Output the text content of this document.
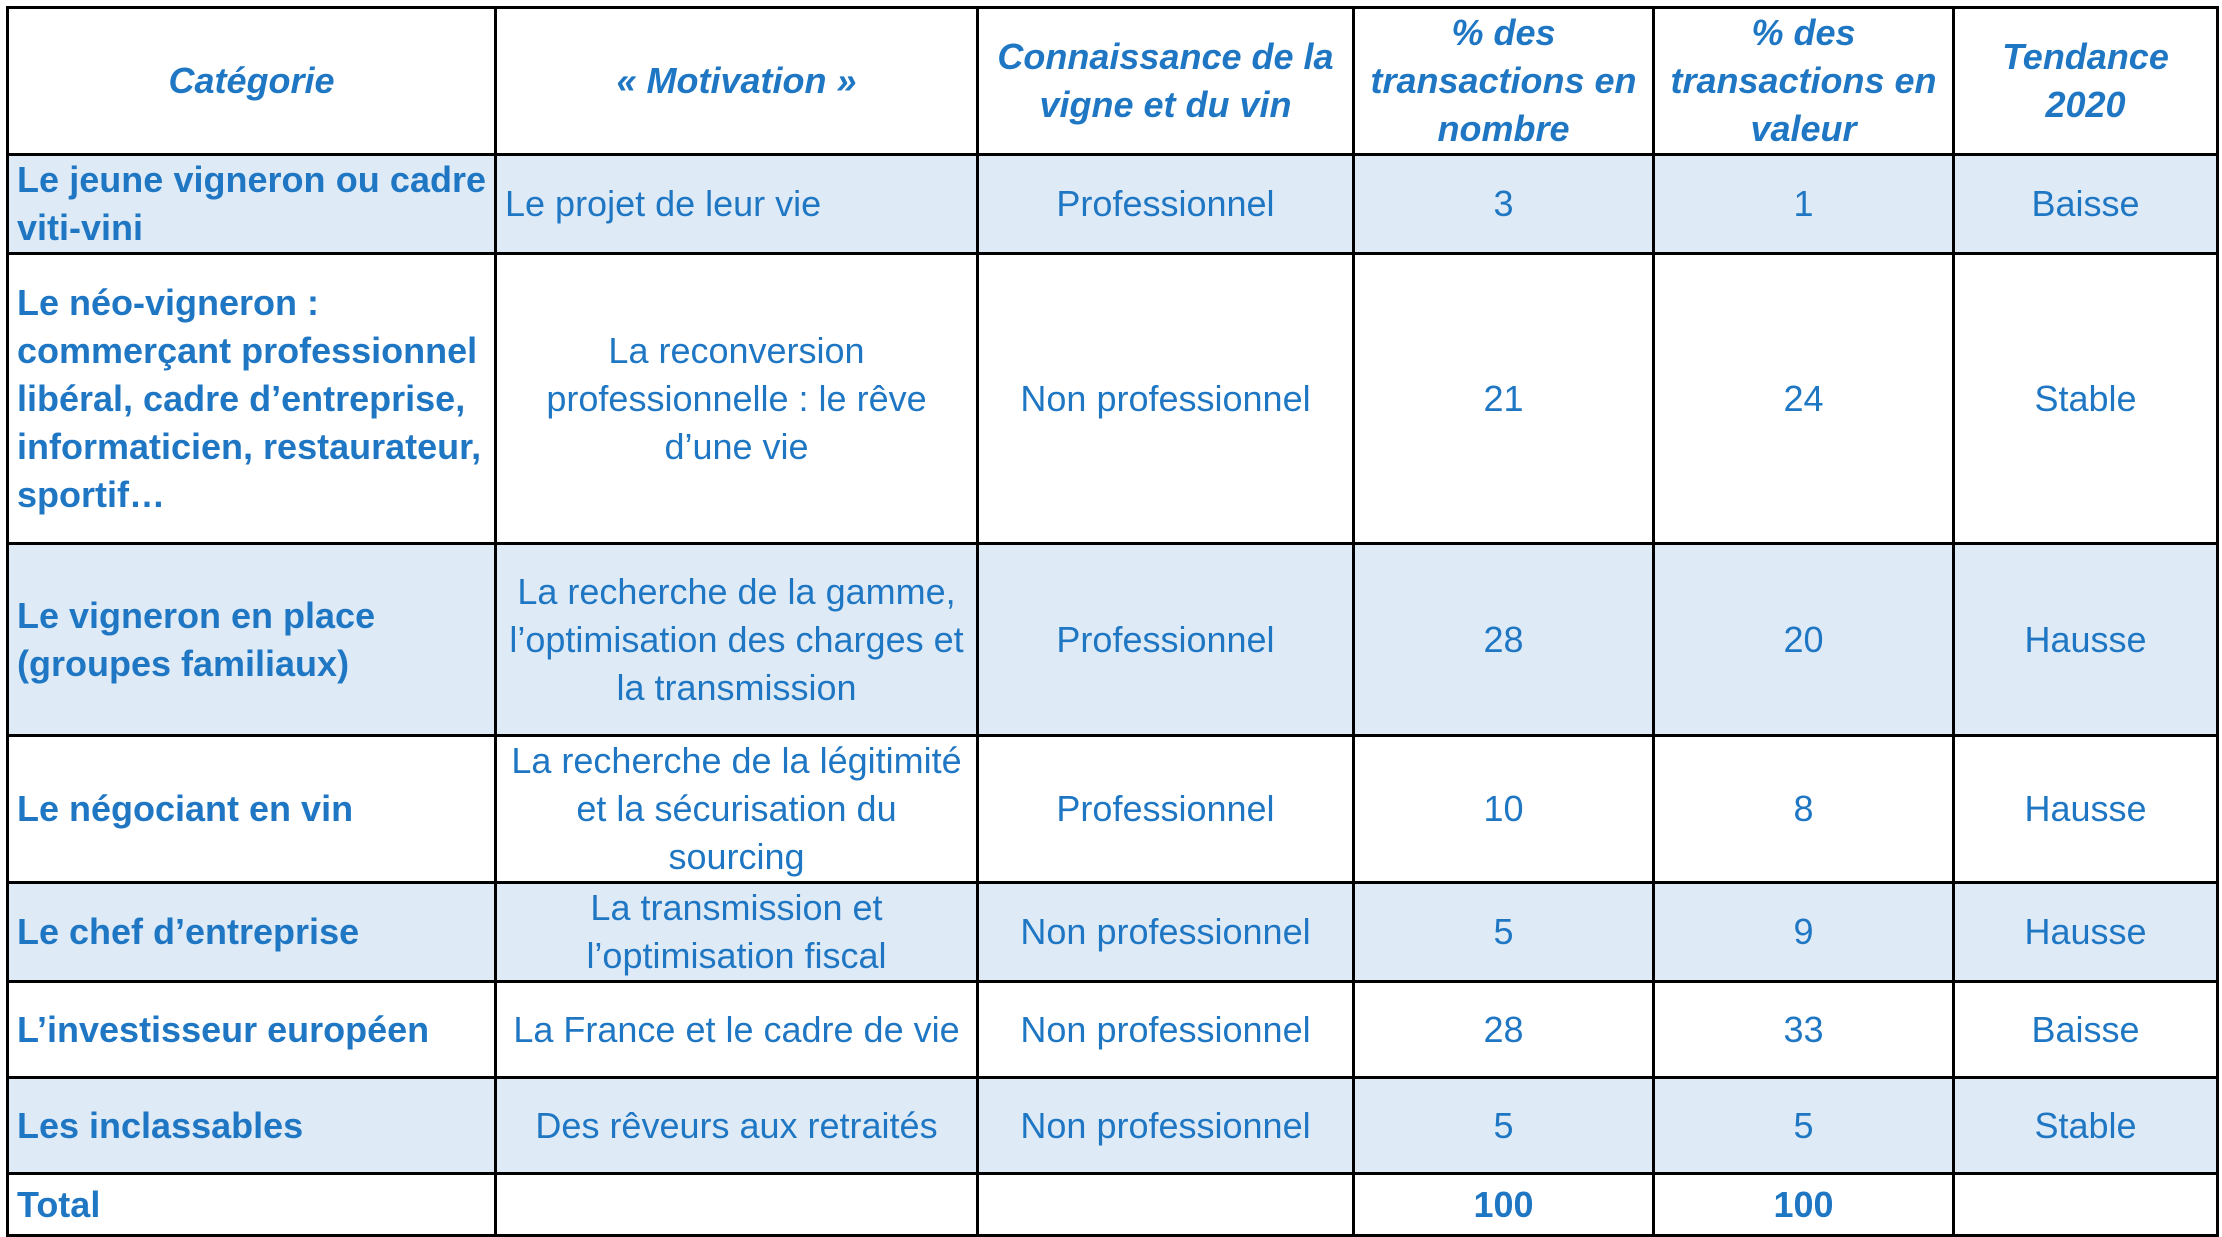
Catégorie	« Motivation »	Connaissance de la vigne et du vin	% des transactions en nombre	% des transactions en valeur	Tendance 2020
Le jeune vigneron ou cadre viti-vini	Le projet de leur vie	Professionnel	3	1	Baisse
Le néo-vigneron : commerçant professionnel libéral, cadre d’entreprise, informaticien, restaurateur, sportif…	La reconversion professionnelle : le rêve d’une vie	Non professionnel	21	24	Stable
Le vigneron en place (groupes familiaux)	La recherche de la gamme, l’optimisation des charges et la transmission	Professionnel	28	20	Hausse
Le négociant en vin	La recherche de la légitimité et la sécurisation du sourcing	Professionnel	10	8	Hausse
Le chef d’entreprise	La transmission et l’optimisation fiscal	Non professionnel	5	9	Hausse
L’investisseur européen	La France et le cadre de vie	Non professionnel	28	33	Baisse
Les inclassables	Des rêveurs aux retraités	Non professionnel	5	5	Stable
Total			100	100	
